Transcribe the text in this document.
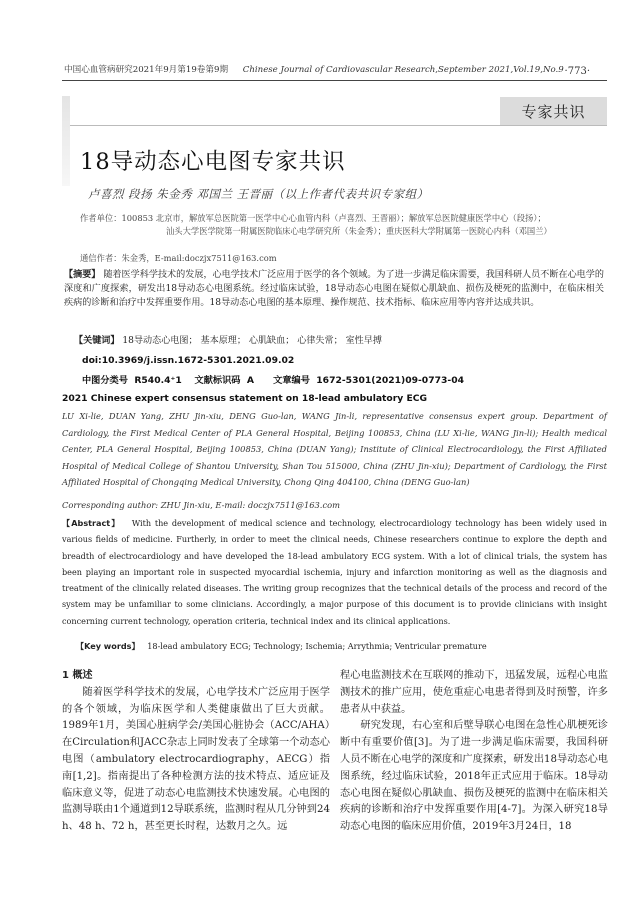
中国心血管病研究2021年9月第19卷第9期 Chinese Journal of Cardiovascular Research,September 2021,Vol.19,No.9 ·773·
专家共识
18导动态心电图专家共识
卢喜烈 段扬 朱金秀 邓国兰 王晋丽（以上作者代表共识专家组）
作者单位：100853 北京市，解放军总医院第一医学中心心血管内科（卢喜烈、王晋丽）；解放军总医院健康医学中心（段扬）；
汕头大学医学院第一附属医院临床心电学研究所（朱金秀）；重庆医科大学附属第一医院心内科（邓国兰）
通信作者：朱金秀，E-mail:doczjx7511@163.com
【摘要】 随着医学科学技术的发展，心电学技术广泛应用于医学的各个领域。为了进一步满足临床需要，我国科研人员不断在心电学的深度和广度探索，研发出18导动态心电图系统。经过临床试验，18导动态心电图在疑似心肌缺血、损伤及梗死的监测中，在临床相关疾病的诊断和治疗中发挥重要作用。18导动态心电图的基本原理、操作规范、技术指标、临床应用等内容并达成共识。
【关键词】 18导动态心电图； 基本原理； 心肌缺血； 心律失常； 室性早搏
doi:10.3969/j.issn.1672-5301.2021.09.02
中图分类号  R540.4⁺1    文献标识码  A      文章编号  1672-5301(2021)09-0773-04
2021 Chinese expert consensus statement on 18-lead ambulatory ECG
LU Xi-lie, DUAN Yang, ZHU Jin-xiu, DENG Guo-lan, WANG Jin-li, representative consensus expert group. Department of Cardiology, the First Medical Center of PLA General Hospital, Beijing 100853, China (LU Xi-lie, WANG Jin-li); Health medical Center, PLA General Hospital, Beijing 100853, China (DUAN Yang); Institute of Clinical Electrocardiology, the First Affiliated Hospital of Medical College of Shantou University, Shan Tou 515000, China (ZHU Jin-xiu); Department of Cardiology, the First Affiliated Hospital of Chongqing Medical University, Chong Qing 404100, China (DENG Guo-lan)
Corresponding author: ZHU Jin-xiu, E-mail: doczjx7511@163.com
【Abstract】 With the development of medical science and technology, electrocardiology technology has been widely used in various fields of medicine. Furtherly, in order to meet the clinical needs, Chinese researchers continue to explore the depth and breadth of electrocardiology and have developed the 18-lead ambulatory ECG system. With a lot of clinical trials, the system has been playing an important role in suspected myocardial ischemia, injury and infarction monitoring as well as the diagnosis and treatment of the clinically related diseases. The writing group recognizes that the technical details of the process and record of the system may be unfamiliar to some clinicians. Accordingly, a major purpose of this document is to provide clinicians with insight concerning current technology, operation criteria, technical index and its clinical applications.
【Key words】 18-lead ambulatory ECG; Technology; Ischemia; Arrythmia; Ventricular premature
1 概述

随着医学科学技术的发展，心电学技术广泛应用于医学的各个领域，为临床医学和人类健康做出了巨大贡献。1989年1月，美国心脏病学会/美国心脏协会（ACC/AHA）在Circulation和JACC杂志上同时发表了全球第一个动态心电图（ambulatory electrocardiography，AECG）指南[1,2]。指南提出了各种检测方法的技术特点、适应证及临床意义等，促进了动态心电监测技术快速发展。心电图的监测导联由1个通道到12导联系统，监测时程从几分钟到24 h、48 h、72 h，甚至更长时程，达数月之久。远

程心电监测技术在互联网的推动下，迅猛发展，远程心电监测技术的推广应用，使危重症心电患者得到及时预警，许多患者从中获益。

研究发现，右心室和后壁导联心电图在急性心肌梗死诊断中有重要价值[3]。为了进一步满足临床需要，我国科研人员不断在心电学的深度和广度探索，研发出18导动态心电图系统，经过临床试验，2018年正式应用于临床。18导动态心电图在疑似心肌缺血、损伤及梗死的监测中在临床相关疾病的诊断和治疗中发挥重要作用[4-7]。为深入研究18导动态心电图的临床应用价值，2019年3月24日，18
